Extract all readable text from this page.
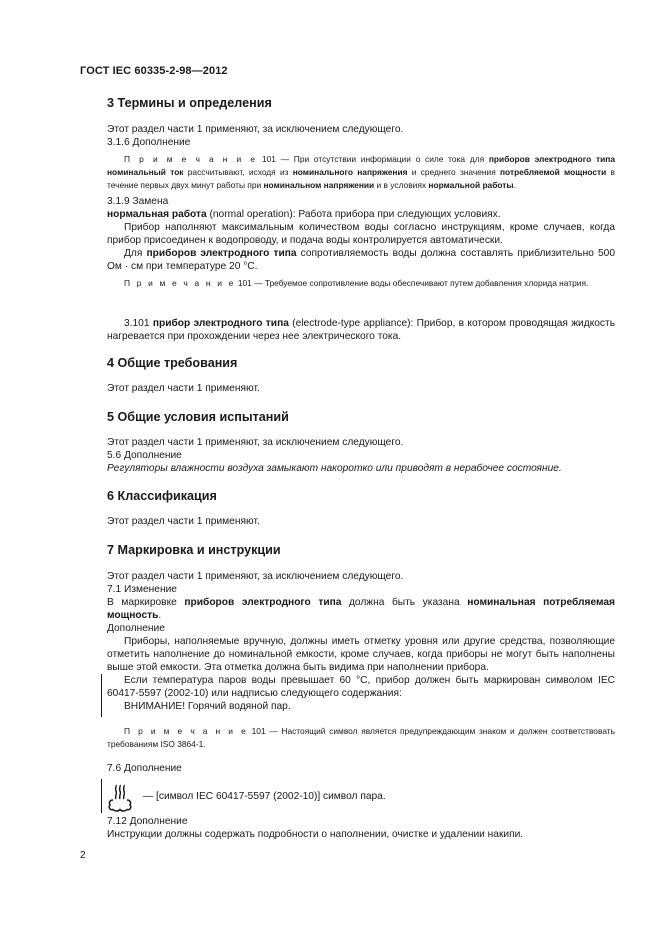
ГОСТ IEC 60335-2-98—2012
3 Термины и определения
Этот раздел части 1 применяют, за исключением следующего.
3.1.6 Дополнение
П р и м е ч а н и е 101 — При отсутствии информации о силе тока для приборов электродного типа номинальный ток рассчитывают, исходя из номинального напряжения и среднего значения потребляемой мощности в течение первых двух минут работы при номинальном напряжении и в условиях нормальной работы.
3.1.9 Замена
нормальная работа (normal operation): Работа прибора при следующих условиях.
Прибор наполняют максимальным количеством воды согласно инструкциям, кроме случаев, когда прибор присоединен к водопроводу, и подача воды контролируется автоматически.
Для приборов электродного типа сопротивляемость воды должна составлять приблизительно 500 Ом · см при температуре 20 °С.
П р и м е ч а н и е 101 — Требуемое сопротивление воды обеспечивают путем добавления хлорида натрия.
3.101 прибор электродного типа (electrode-type appliance): Прибор, в котором проводящая жидкость нагревается при прохождении через нее электрического тока.
4 Общие требования
Этот раздел части 1 применяют.
5 Общие условия испытаний
Этот раздел части 1 применяют, за исключением следующего.
5.6 Дополнение
Регуляторы влажности воздуха замыкают накоротко или приводят в нерабочее состояние.
6 Классификация
Этот раздел части 1 применяют.
7 Маркировка и инструкции
Этот раздел части 1 применяют, за исключением следующего.
7.1 Изменение
В маркировке приборов электродного типа должна быть указана номинальная потребляемая мощность.
Дополнение
Приборы, наполняемые вручную, должны иметь отметку уровня или другие средства, позволяющие отметить наполнение до номинальной емкости, кроме случаев, когда приборы не могут быть наполнены выше этой емкости. Эта отметка должна быть видима при наполнении прибора.
Если температура паров воды превышает 60 °С, прибор должен быть маркирован символом IEC 60417-5597 (2002-10) или надписью следующего содержания:
ВНИМАНИЕ! Горячий водяной пар.
П р и м е ч а н и е 101 — Настоящий символ является предупреждающим знаком и должен соответствовать требованиям ISO 3864-1.
7.6 Дополнение
— [символ IEC 60417-5597 (2002-10)] символ пара.
7.12 Дополнение
Инструкции должны содержать подробности о наполнении, очистке и удалении накипи.
2
